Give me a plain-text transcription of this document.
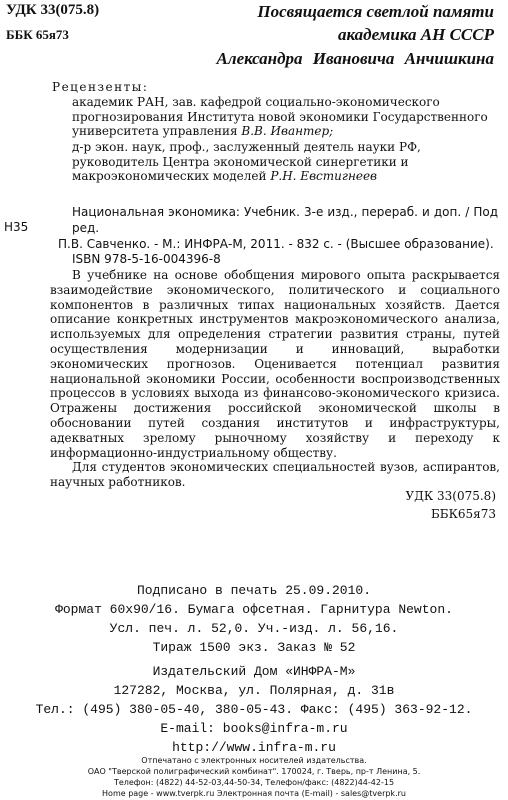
УДК 33(075.8)
ББК 65я73
Посвящается светлой памяти
академика АН СССР
Александра Ивановича Анчишкина
Рецензенты:
академик РАН, зав. кафедрой социально-экономического прогнозирования Института новой экономики Государственного университета управления В.В. Ивантер;
д-р экон. наук, проф., заслуженный деятель науки РФ, руководитель Центра экономической синергетики и макроэкономических моделей Р.Н. Евстигнеев
Н35
Национальная экономика: Учебник. 3-е изд., перераб. и доп. / Под ред.
П.В. Савченко. - М.: ИНФРА-М, 2011. - 832 с. - (Высшее образование).
ISBN 978-5-16-004396-8

В учебнике на основе обобщения мирового опыта раскрывается взаимодействие экономического, политического и социального компонентов в различных типах национальных хозяйств. Дается описание конкретных инструментов макроэкономического анализа, используемых для определения стратегии развития страны, путей осуществления модернизации и инноваций, выработки экономических прогнозов. Оценивается потенциал развития национальной экономики России, особенности воспроизводственных процессов в условиях выхода из финансово-экономического кризиса. Отражены достижения российской экономической школы в обосновании путей создания институтов и инфраструктуры, адекватных зрелому рыночному хозяйству и переходу к информационно-индустриальному обществу.

Для студентов экономических специальностей вузов, аспирантов, научных работников.

УДК 33(075.8)
ББК65я73
Подписано в печать 25.09.2010.
Формат 60x90/16. Бумага офсетная. Гарнитура Newton.
Усл. печ. л. 52,0. Уч.-изд. л. 56,16.
Тираж 1500 экз. Заказ № 52
Издательский Дом «ИНФРА-М»
127282, Москва, ул. Полярная, д. 31в
Тел.: (495) 380-05-40, 380-05-43. Факс: (495) 363-92-12.
E-mail: books@infra-m.ru
http://www.infra-m.ru
Отпечатано с электронных носителей издательства.
ОАО "Тверской полиграфический комбинат". 170024, г. Тверь, пр-т Ленина, 5.
Телефон: (4822) 44-52-03,44-50-34, Телефон/факс: (4822)44-42-15
Home page - www.tverpk.ru Электронная почта (E-mail) - sales@tverpk.ru
